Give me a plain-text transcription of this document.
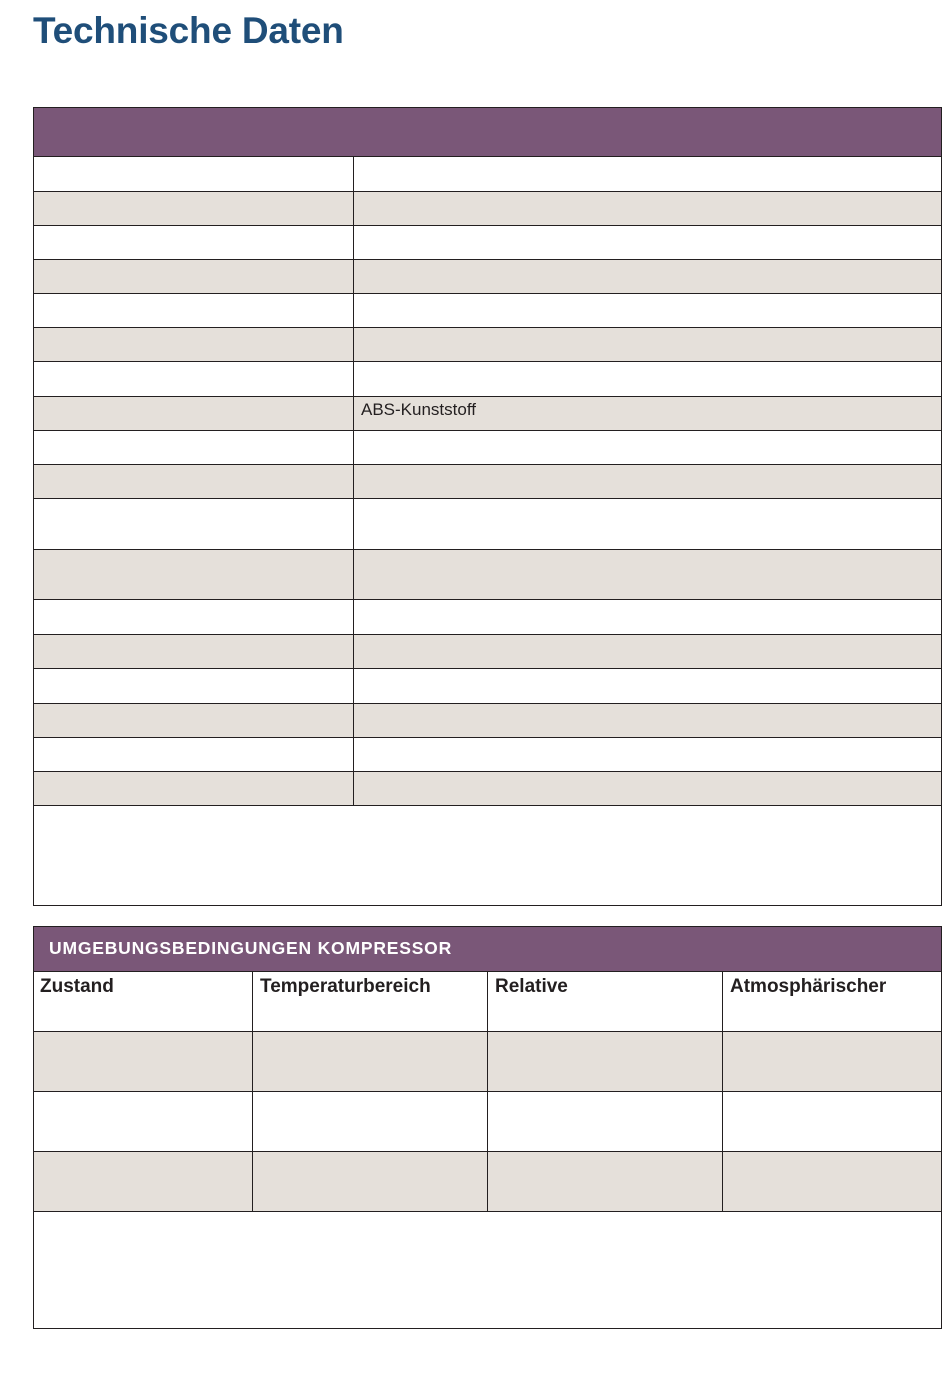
Technische Daten
ABS-Kunststoff
UMGEBUNGSBEDINGUNGEN KOMPRESSOR
Zustand	Temperaturbereich	Relative	Atmosphärischer
